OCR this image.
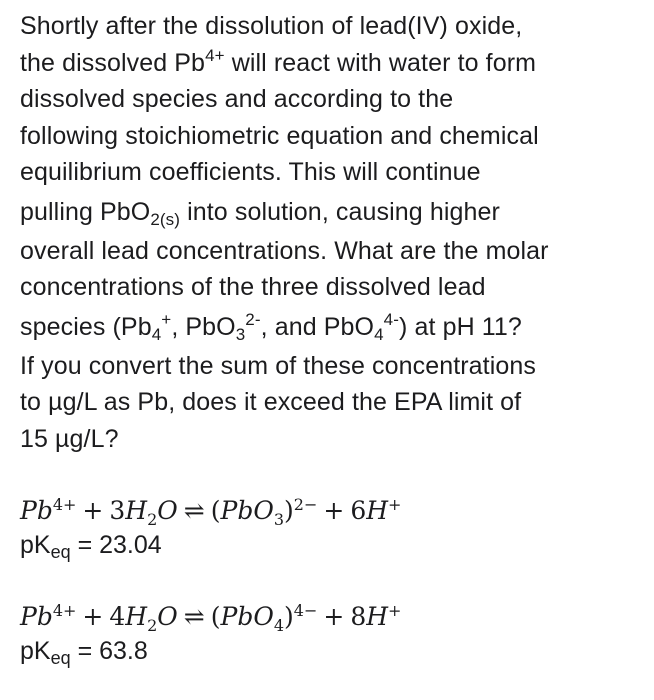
Shortly after the dissolution of lead(IV) oxide,
the dissolved $Pb^{4+}$ will react with water to form
dissolved species and according to the
following stoichiometric equation and chemical
equilibrium coefficients. This will continue
pulling PbO$_{2(s)}$ into solution, causing higher
overall lead concentrations. What are the molar
concentrations of the three dissolved lead
species ($Pb_4^+$, PbO$_3^{2-}$, and PbO$_4^{4-}$) at pH 11?
If you convert the sum of these concentrations
to µg/L as Pb, does it exceed the EPA limit of
15 µg/L?
$Pb^{4+} + 3H_2O$ ⇌ $(PbO_3)^{2-} + 6H^+$
$pK_{eq} = 23.04$
$Pb^{4+} + 4H_2O$ ⇌ $(PbO_4)^{4-} + 8H^+$
$pK_{eq} = 63.8$
